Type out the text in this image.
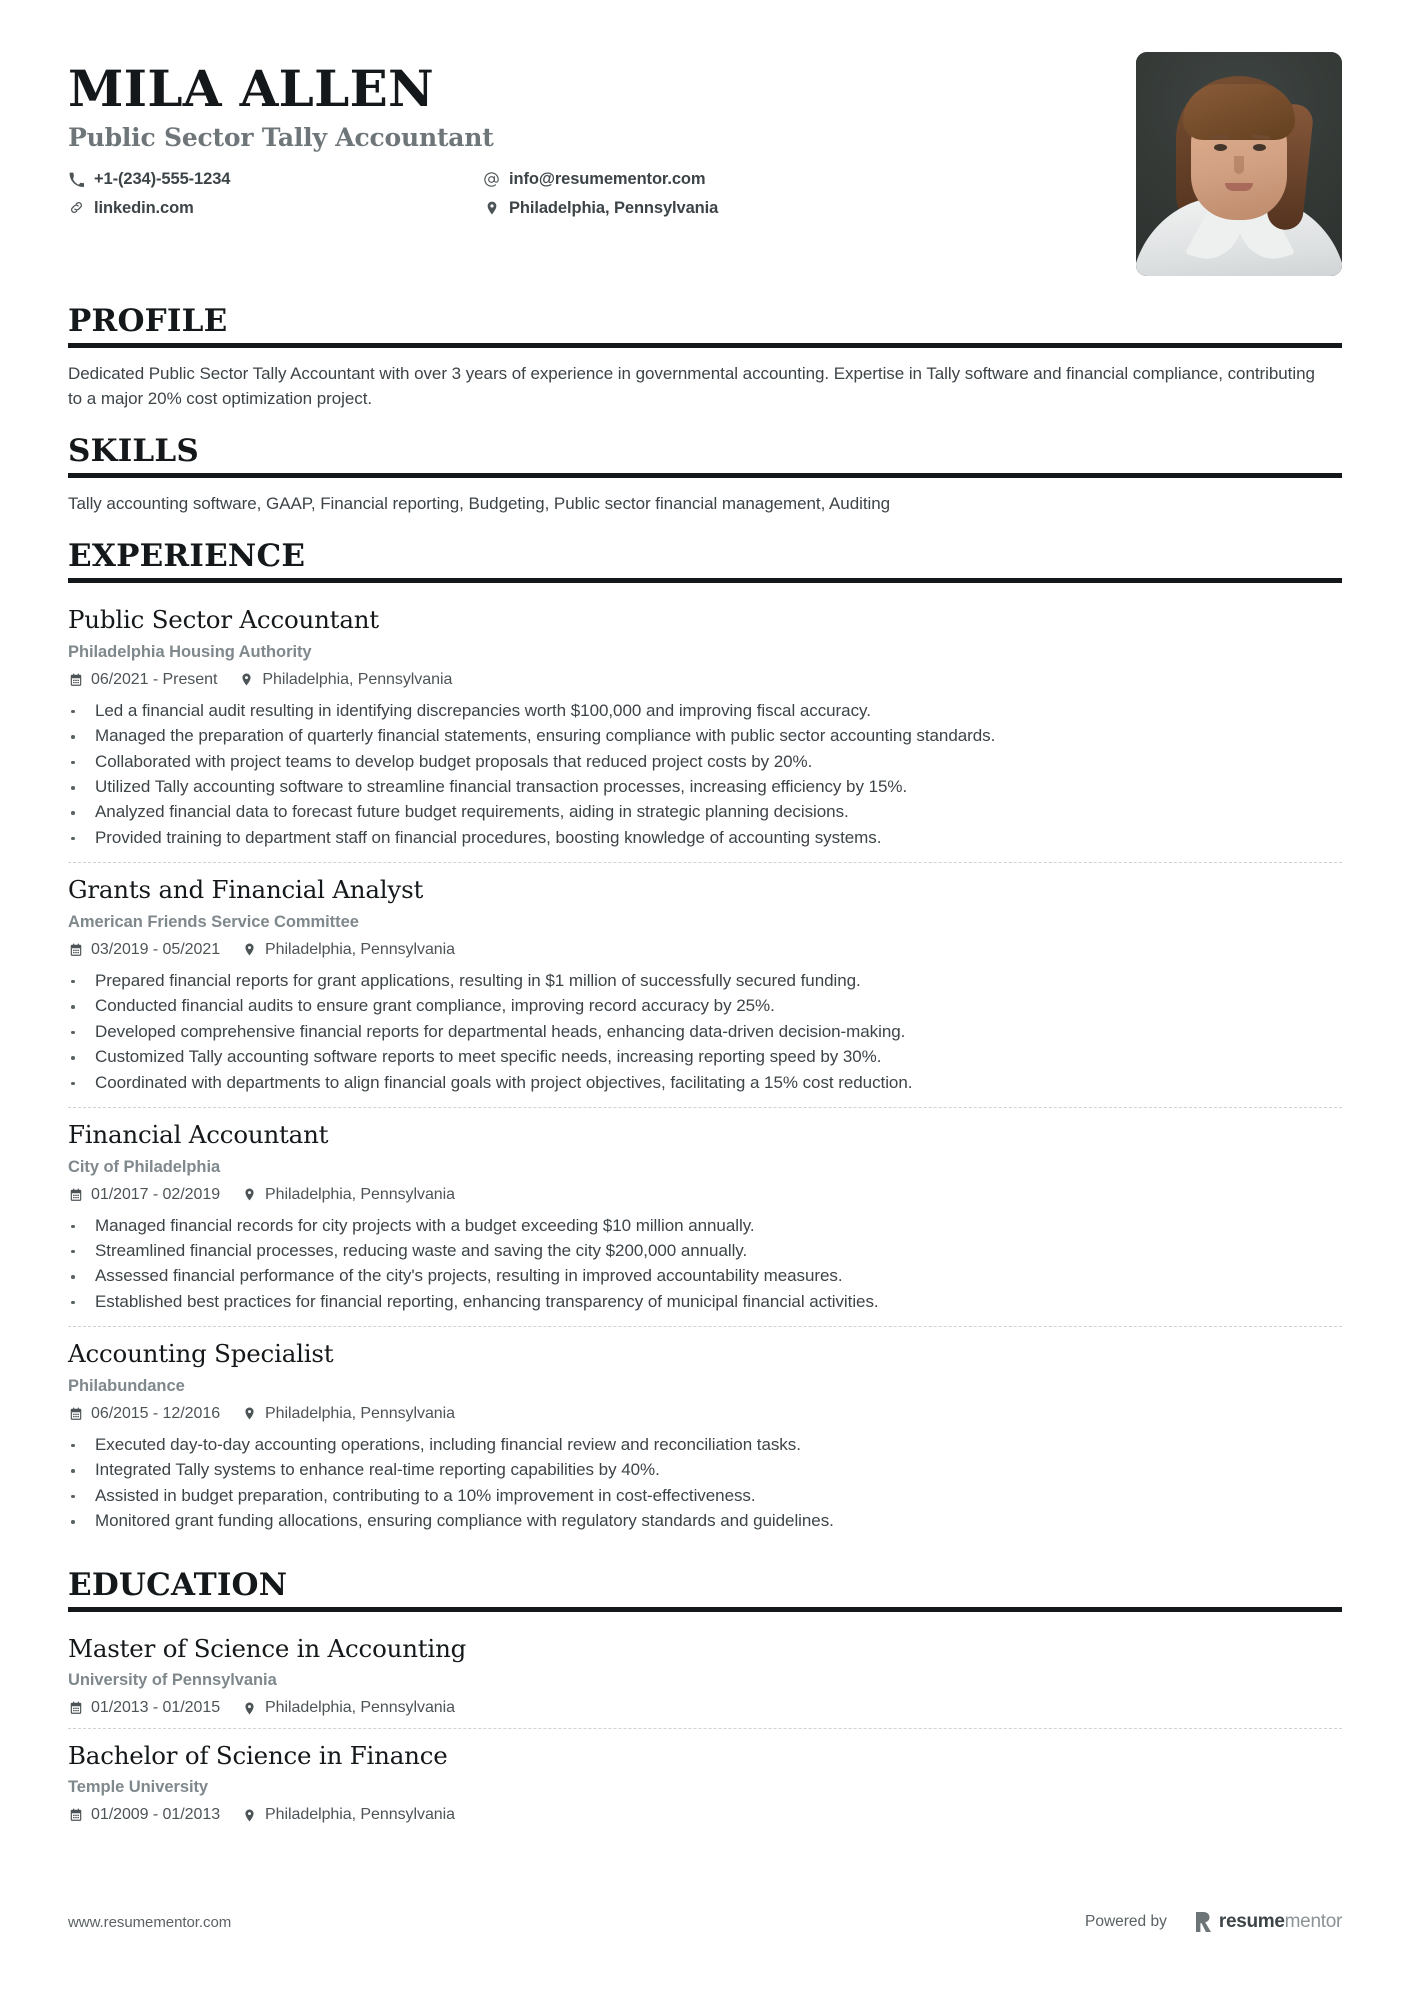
MILA ALLEN
Public Sector Tally Accountant
+1-(234)-555-1234
linkedin.com
info@resumementor.com
Philadelphia, Pennsylvania
PROFILE
Dedicated Public Sector Tally Accountant with over 3 years of experience in governmental accounting. Expertise in Tally software and financial compliance, contributing to a major 20% cost optimization project.
SKILLS
Tally accounting software, GAAP, Financial reporting, Budgeting, Public sector financial management, Auditing
EXPERIENCE
Public Sector Accountant
Philadelphia Housing Authority
06/2021 - Present	Philadelphia, Pennsylvania
Led a financial audit resulting in identifying discrepancies worth $100,000 and improving fiscal accuracy.
Managed the preparation of quarterly financial statements, ensuring compliance with public sector accounting standards.
Collaborated with project teams to develop budget proposals that reduced project costs by 20%.
Utilized Tally accounting software to streamline financial transaction processes, increasing efficiency by 15%.
Analyzed financial data to forecast future budget requirements, aiding in strategic planning decisions.
Provided training to department staff on financial procedures, boosting knowledge of accounting systems.
Grants and Financial Analyst
American Friends Service Committee
03/2019 - 05/2021	Philadelphia, Pennsylvania
Prepared financial reports for grant applications, resulting in $1 million of successfully secured funding.
Conducted financial audits to ensure grant compliance, improving record accuracy by 25%.
Developed comprehensive financial reports for departmental heads, enhancing data-driven decision-making.
Customized Tally accounting software reports to meet specific needs, increasing reporting speed by 30%.
Coordinated with departments to align financial goals with project objectives, facilitating a 15% cost reduction.
Financial Accountant
City of Philadelphia
01/2017 - 02/2019	Philadelphia, Pennsylvania
Managed financial records for city projects with a budget exceeding $10 million annually.
Streamlined financial processes, reducing waste and saving the city $200,000 annually.
Assessed financial performance of the city's projects, resulting in improved accountability measures.
Established best practices for financial reporting, enhancing transparency of municipal financial activities.
Accounting Specialist
Philabundance
06/2015 - 12/2016	Philadelphia, Pennsylvania
Executed day-to-day accounting operations, including financial review and reconciliation tasks.
Integrated Tally systems to enhance real-time reporting capabilities by 40%.
Assisted in budget preparation, contributing to a 10% improvement in cost-effectiveness.
Monitored grant funding allocations, ensuring compliance with regulatory standards and guidelines.
EDUCATION
Master of Science in Accounting
University of Pennsylvania
01/2013 - 01/2015	Philadelphia, Pennsylvania
Bachelor of Science in Finance
Temple University
01/2009 - 01/2013	Philadelphia, Pennsylvania
www.resumementor.com	Powered by	resumementor
